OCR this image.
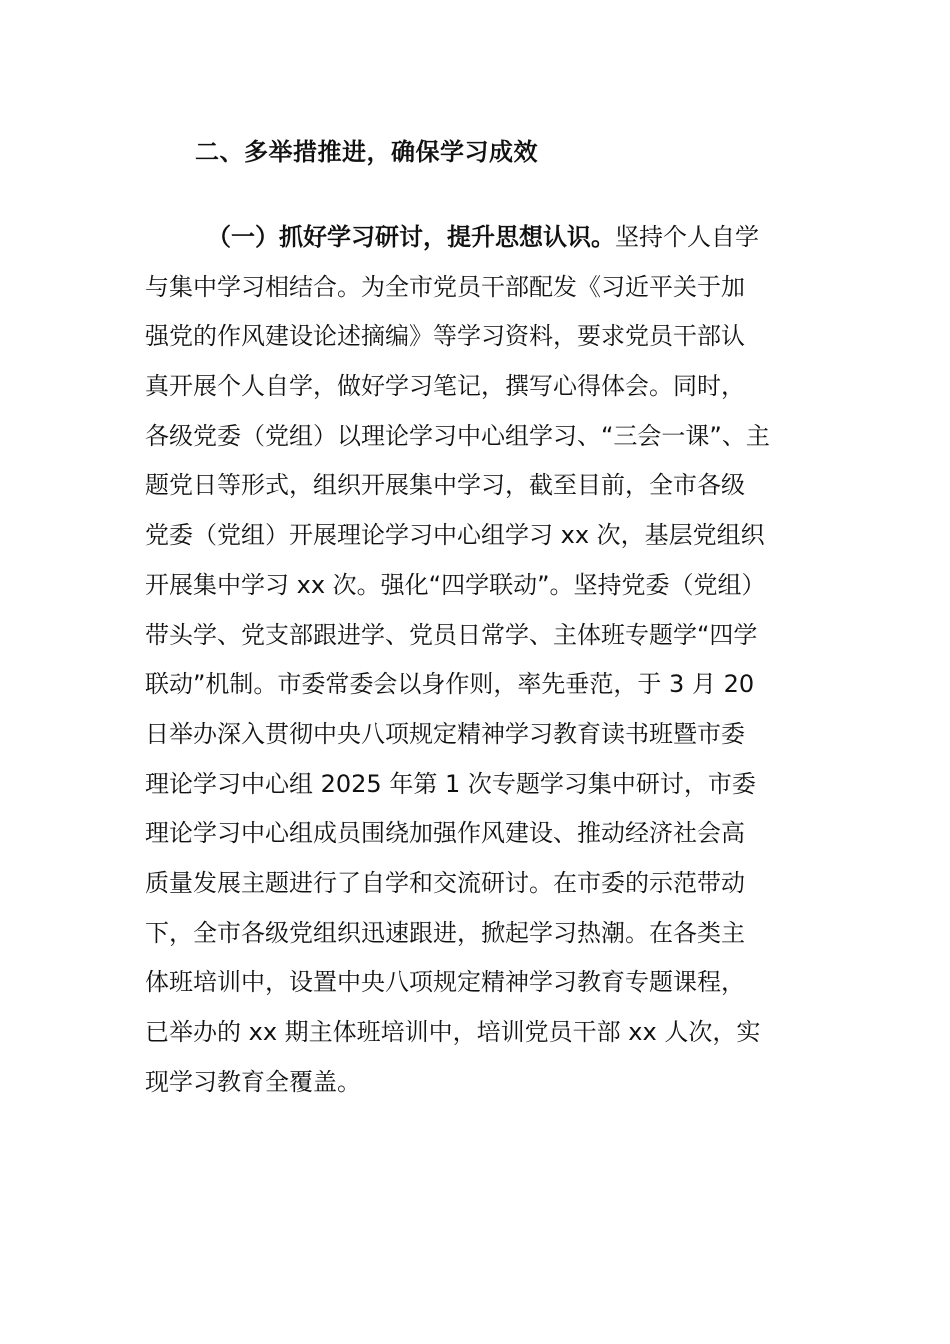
二、多举措推进，确保学习成效
（一）抓好学习研讨，提升思想认识。坚持个人自学
与集中学习相结合。为全市党员干部配发《习近平关于加
强党的作风建设论述摘编》等学习资料，要求党员干部认
真开展个人自学，做好学习笔记，撰写心得体会。同时，
各级党委（党组）以理论学习中心组学习、“三会一课”、主
题党日等形式，组织开展集中学习，截至目前，全市各级
党委（党组）开展理论学习中心组学习 xx 次，基层党组织
开展集中学习 xx 次。强化“四学联动”。坚持党委（党组）
带头学、党支部跟进学、党员日常学、主体班专题学“四学
联动”机制。市委常委会以身作则，率先垂范，于 3 月 20
日举办深入贯彻中央八项规定精神学习教育读书班暨市委
理论学习中心组 2025 年第 1 次专题学习集中研讨，市委
理论学习中心组成员围绕加强作风建设、推动经济社会高
质量发展主题进行了自学和交流研讨。在市委的示范带动
下，全市各级党组织迅速跟进，掀起学习热潮。在各类主
体班培训中，设置中央八项规定精神学习教育专题课程，
已举办的 xx 期主体班培训中，培训党员干部 xx 人次，实
现学习教育全覆盖。
